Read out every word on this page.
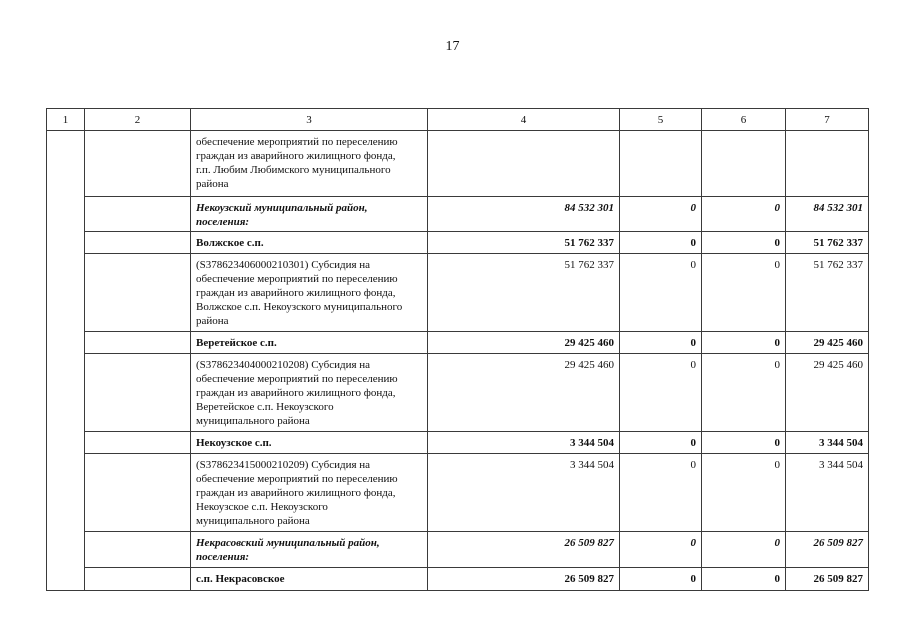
17
1	2	3	4	5	6	7
		обеспечение мероприятий по переселению
граждан из аварийного жилищного фонда,
г.п. Любим Любимского муниципального
района				
		Некоузский муниципальный район,
поселения:	84 532 301	0	0	84 532 301
		Волжское с.п.	51 762 337	0	0	51 762 337
		(S378623406000210301) Субсидия на
обеспечение мероприятий по переселению
граждан из аварийного жилищного фонда,
Волжское с.п. Некоузского муниципального
района	51 762 337	0	0	51 762 337
		Веретейское с.п.	29 425 460	0	0	29 425 460
		(S378623404000210208) Субсидия на
обеспечение мероприятий по переселению
граждан из аварийного жилищного фонда,
Веретейское с.п. Некоузского
муниципального района	29 425 460	0	0	29 425 460
		Некоузское с.п.	3 344 504	0	0	3 344 504
		(S378623415000210209) Субсидия на
обеспечение мероприятий по переселению
граждан из аварийного жилищного фонда,
Некоузское с.п. Некоузского
муниципального района	3 344 504	0	0	3 344 504
		Некрасовский муниципальный район,
поселения:	26 509 827	0	0	26 509 827
		с.п. Некрасовское	26 509 827	0	0	26 509 827
